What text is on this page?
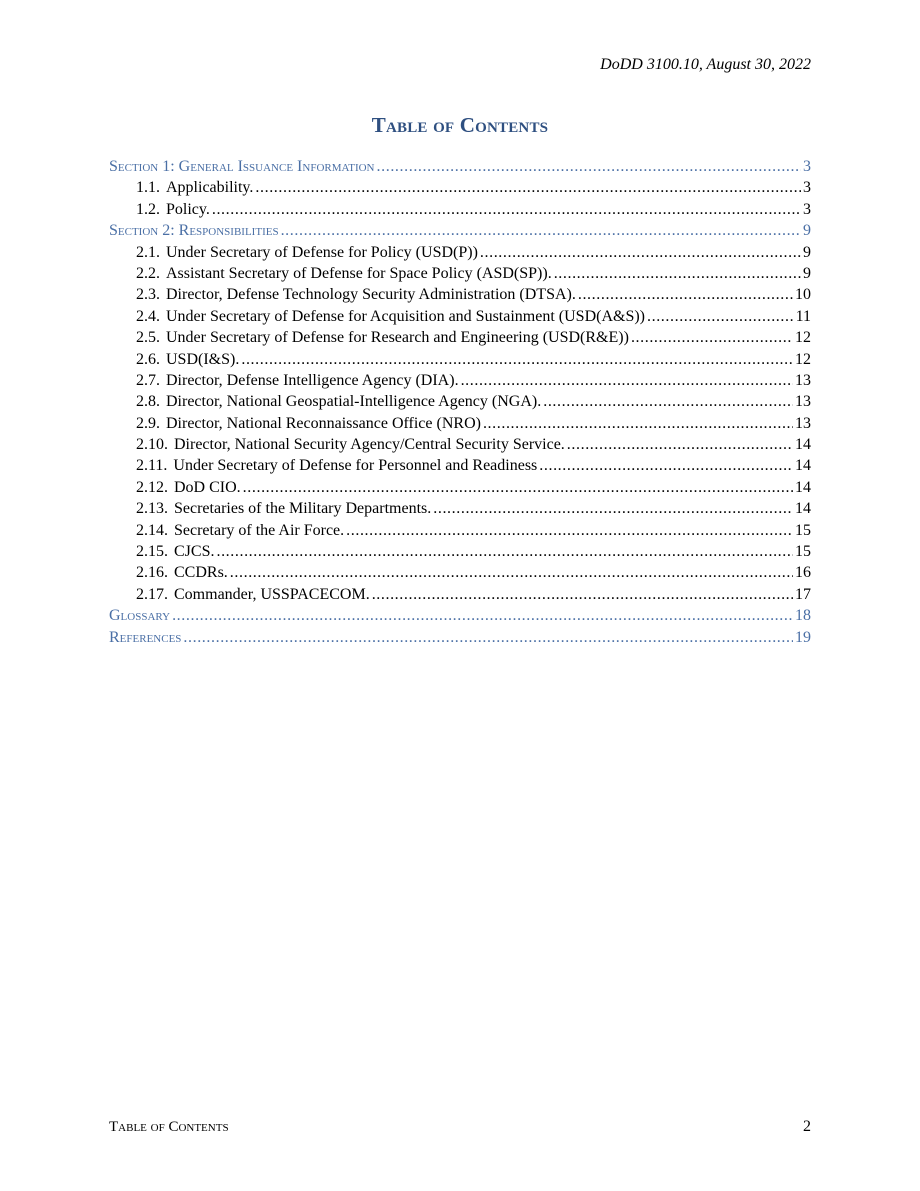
DoDD 3100.10, August 30, 2022
Table of Contents
Section 1: General Issuance Information .....	3
1.1. Applicability. .....	3
1.2. Policy. .....	3
Section 2: Responsibilities .....	9
2.1. Under Secretary of Defense for Policy (USD(P)) .....	9
2.2. Assistant Secretary of Defense for Space Policy (ASD(SP)). .....	9
2.3. Director, Defense Technology Security Administration (DTSA). .....	10
2.4. Under Secretary of Defense for Acquisition and Sustainment (USD(A&S)) .....	11
2.5. Under Secretary of Defense for Research and Engineering (USD(R&E)) .....	12
2.6. USD(I&S). .....	12
2.7. Director, Defense Intelligence Agency (DIA). .....	13
2.8. Director, National Geospatial-Intelligence Agency (NGA). .....	13
2.9. Director, National Reconnaissance Office (NRO) .....	13
2.10. Director, National Security Agency/Central Security Service. .....	14
2.11. Under Secretary of Defense for Personnel and Readiness .....	14
2.12. DoD CIO. .....	14
2.13. Secretaries of the Military Departments. .....	14
2.14. Secretary of the Air Force. .....	15
2.15. CJCS. .....	15
2.16. CCDRs. .....	16
2.17. Commander, USSPACECOM. .....	17
Glossary .....	18
References .....	19
Table of Contents	2
